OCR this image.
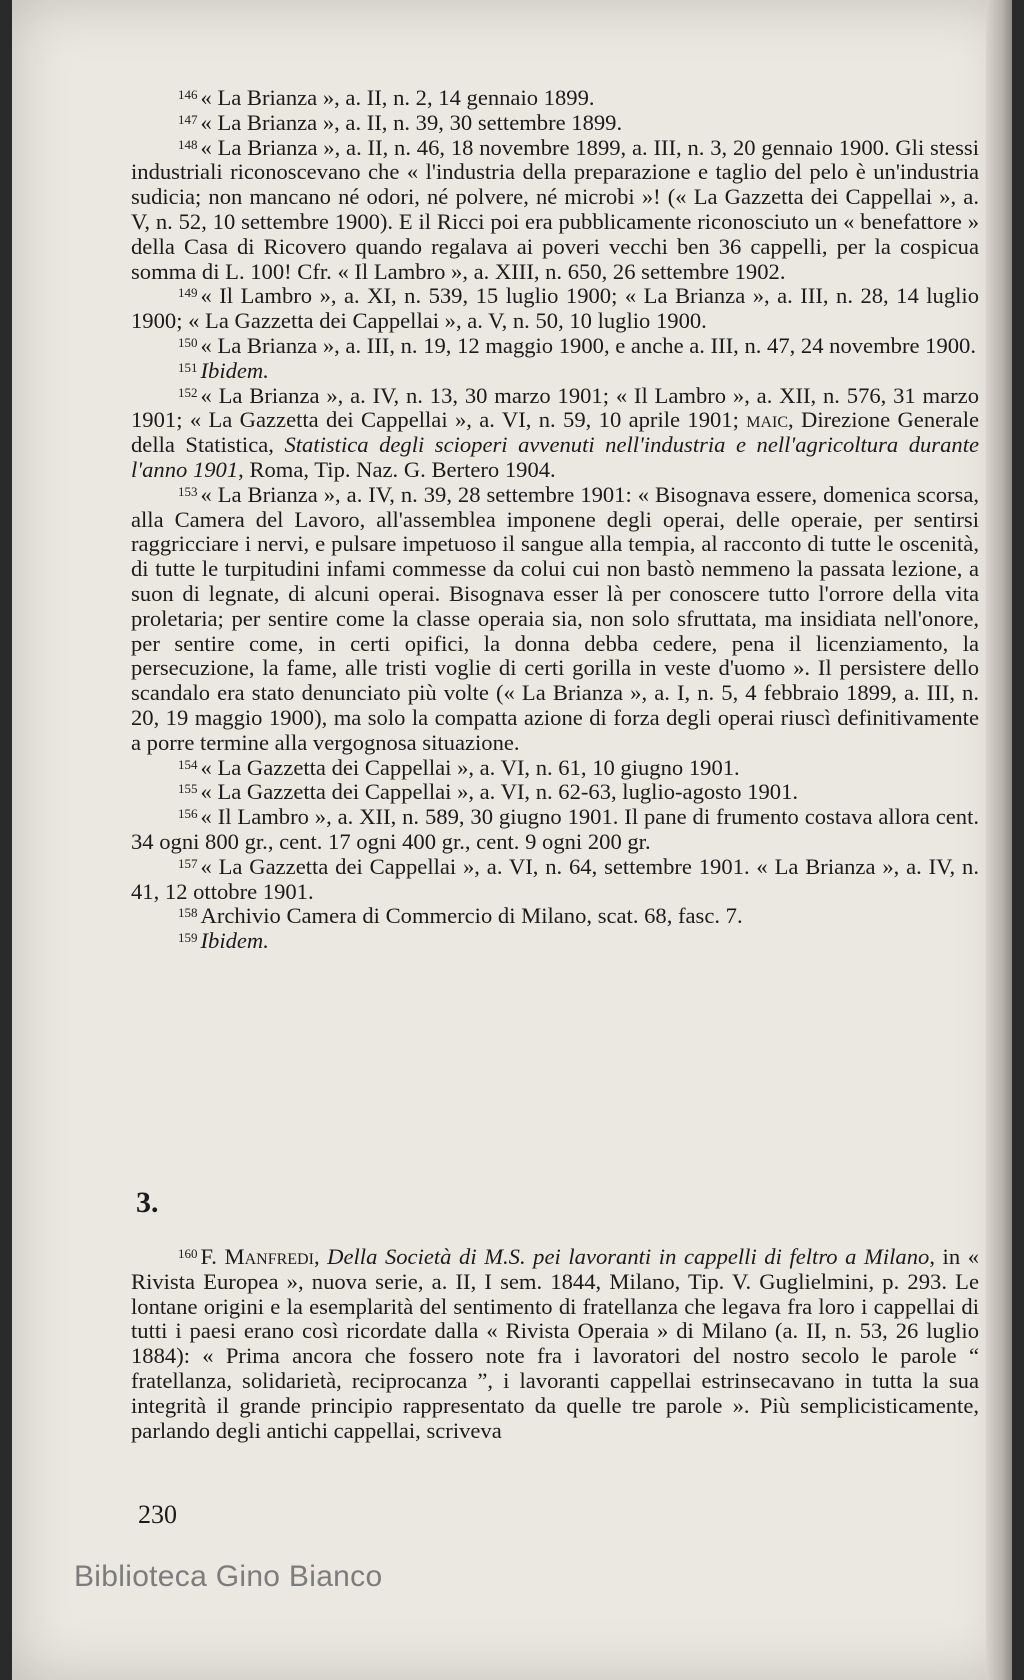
$^{146}$ « La Brianza », a. II, n. 2, 14 gennaio 1899.

$^{147}$ « La Brianza », a. II, n. 39, 30 settembre 1899.

$^{148}$ « La Brianza », a. II, n. 46, 18 novembre 1899, a. III, n. 3, 20 gennaio 1900. Gli stessi industriali riconoscevano che « l'industria della preparazione e taglio del pelo è un'industria sudicia; non mancano né odori, né polvere, né microbi »! (« La Gazzetta dei Cappellai », a. V, n. 52, 10 settembre 1900). E il Ricci poi era pubblicamente riconosciuto un « benefattore » della Casa di Ricovero quando regalava ai poveri vecchi ben 36 cappelli, per la cospicua somma di L. 100! Cfr. « Il Lambro », a. XIII, n. 650, 26 settembre 1902.

$^{149}$ « Il Lambro », a. XI, n. 539, 15 luglio 1900; « La Brianza », a. III, n. 28, 14 luglio 1900; « La Gazzetta dei Cappellai », a. V, n. 50, 10 luglio 1900.

$^{150}$ « La Brianza », a. III, n. 19, 12 maggio 1900, e anche a. III, n. 47, 24 novembre 1900.

$^{151}$ Ibidem.

$^{152}$ « La Brianza », a. IV, n. 13, 30 marzo 1901; « Il Lambro », a. XII, n. 576, 31 marzo 1901; « La Gazzetta dei Cappellai », a. VI, n. 59, 10 aprile 1901; maic, Direzione Generale della Statistica, Statistica degli scioperi avvenuti nell'industria e nell'agricoltura durante l'anno 1901, Roma, Tip. Naz. G. Bertero 1904.

$^{153}$ « La Brianza », a. IV, n. 39, 28 settembre 1901: « Bisognava essere, domenica scorsa, alla Camera del Lavoro, all'assemblea imponene degli operai, delle operaie, per sentirsi raggricciare i nervi, e pulsare impetuoso il sangue alla tempia, al racconto di tutte le oscenità, di tutte le turpitudini infami commesse da colui cui non bastò nemmeno la passata lezione, a suon di legnate, di alcuni operai. Bisognava esser là per conoscere tutto l'orrore della vita proletaria; per sentire come la classe operaia sia, non solo sfruttata, ma insidiata nell'onore, per sentire come, in certi opifici, la donna debba cedere, pena il licenziamento, la persecuzione, la fame, alle tristi voglie di certi gorilla in veste d'uomo ». Il persistere dello scandalo era stato denunciato più volte (« La Brianza », a. I, n. 5, 4 febbraio 1899, a. III, n. 20, 19 maggio 1900), ma solo la compatta azione di forza degli operai riuscì definitivamente a porre termine alla vergognosa situazione.

$^{154}$ « La Gazzetta dei Cappellai », a. VI, n. 61, 10 giugno 1901.

$^{155}$ « La Gazzetta dei Cappellai », a. VI, n. 62-63, luglio-agosto 1901.

$^{156}$ « Il Lambro », a. XII, n. 589, 30 giugno 1901. Il pane di frumento costava allora cent. 34 ogni 800 gr., cent. 17 ogni 400 gr., cent. 9 ogni 200 gr.

$^{157}$ « La Gazzetta dei Cappellai », a. VI, n. 64, settembre 1901. « La Brianza », a. IV, n. 41, 12 ottobre 1901.

$^{158}$ Archivio Camera di Commercio di Milano, scat. 68, fasc. 7.

$^{159}$ Ibidem.

3.

$^{160}$ F. Manfredi, Della Società di M.S. pei lavoranti in cappelli di feltro a Milano, in « Rivista Europea », nuova serie, a. II, I sem. 1844, Milano, Tip. V. Guglielmini, p. 293. Le lontane origini e la esemplarità del sentimento di fratellanza che legava fra loro i cappellai di tutti i paesi erano così ricordate dalla « Rivista Operaia » di Milano (a. II, n. 53, 26 luglio 1884): « Prima ancora che fossero note fra i lavoratori del nostro secolo le parole “ fratellanza, solidarietà, reciprocanza ”, i lavoranti cappellai estrinsecavano in tutta la sua integrità il grande principio rappresentato da quelle tre parole ». Più semplicisticamente, parlando degli antichi cappellai, scriveva

230
Biblioteca Gino Bianco
